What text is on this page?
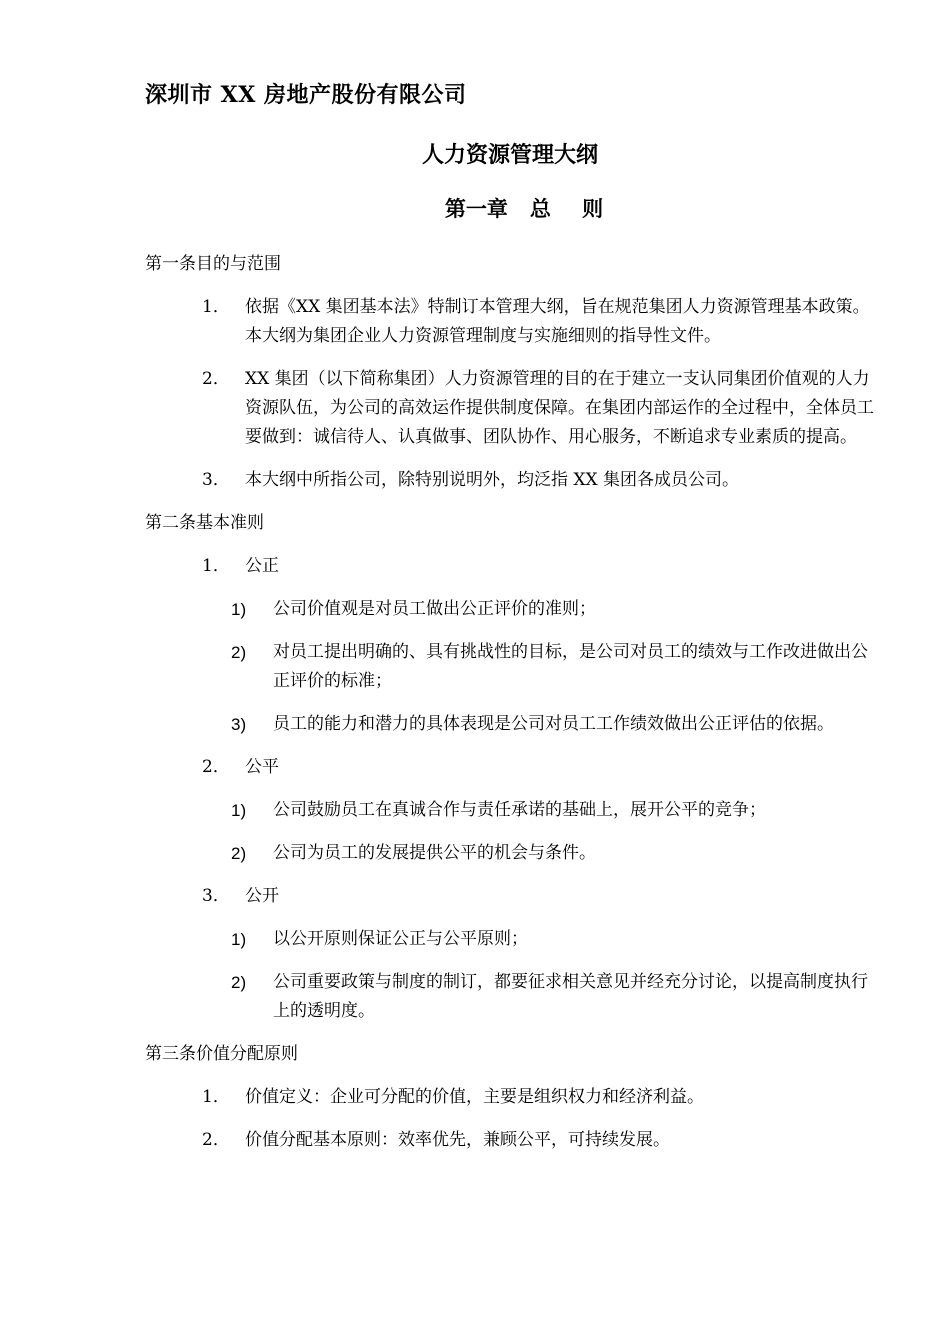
深圳市 XX 房地产股份有限公司
人力资源管理大纲
第一章 总 则
第一条目的与范围
1． 依据《XX 集团基本法》特制订本管理大纲，旨在规范集团人力资源管理基本政策。本大纲为集团企业人力资源管理制度与实施细则的指导性文件。
2． XX 集团（以下简称集团）人力资源管理的目的在于建立一支认同集团价值观的人力资源队伍，为公司的高效运作提供制度保障。在集团内部运作的全过程中，全体员工要做到：诚信待人、认真做事、团队协作、用心服务，不断追求专业素质的提高。
3． 本大纲中所指公司，除特别说明外，均泛指 XX 集团各成员公司。
第二条基本准则
1． 公正
1) 公司价值观是对员工做出公正评价的准则；
2) 对员工提出明确的、具有挑战性的目标，是公司对员工的绩效与工作改进做出公正评价的标准；
3) 员工的能力和潜力的具体表现是公司对员工工作绩效做出公正评估的依据。
2． 公平
1) 公司鼓励员工在真诚合作与责任承诺的基础上，展开公平的竞争；
2) 公司为员工的发展提供公平的机会与条件。
3． 公开
1) 以公开原则保证公正与公平原则；
2) 公司重要政策与制度的制订，都要征求相关意见并经充分讨论，以提高制度执行上的透明度。
第三条价值分配原则
1． 价值定义：企业可分配的价值，主要是组织权力和经济利益。
2． 价值分配基本原则：效率优先，兼顾公平，可持续发展。
